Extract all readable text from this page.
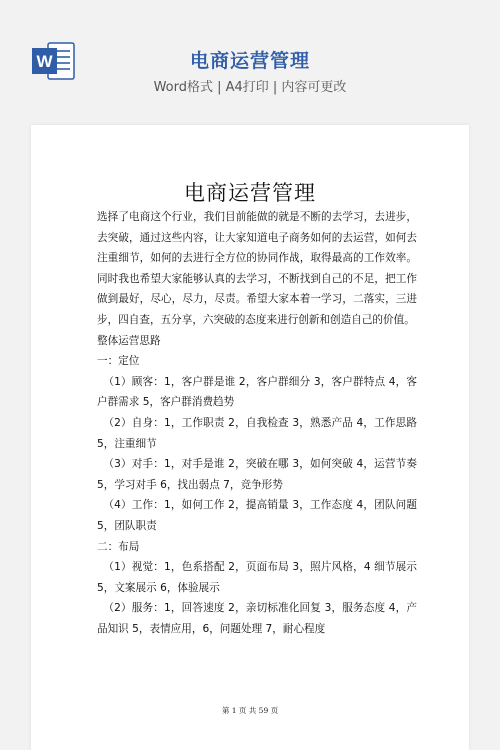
W	电商运营管理
Word格式 | A4打印 | 内容可更改
电商运营管理

选择了电商这个行业，我们目前能做的就是不断的去学习，去进步，去突破，通过这些内容，让大家知道电子商务如何的去运营，如何去注重细节，如何的去进行全方位的协同作战，取得最高的工作效率。同时我也希望大家能够认真的去学习，不断找到自己的不足，把工作做到最好，尽心，尽力，尽责。希望大家本着一学习，二落实，三进步，四自查，五分享，六突破的态度来进行创新和创造自己的价值。

整体运营思路

一：定位

（1）顾客：1，客户群是谁 2，客户群细分 3，客户群特点 4，客户群需求 5，客户群消费趋势

（2）自身：1，工作职责 2，自我检查 3，熟悉产品 4，工作思路 5，注重细节

（3）对手：1，对手是谁 2，突破在哪 3，如何突破 4，运营节奏 5，学习对手 6，找出弱点 7，竞争形势

（4）工作：1，如何工作 2，提高销量 3，工作态度 4，团队问题 5，团队职责

二：布局

（1）视觉：1，色系搭配 2，页面布局 3，照片风格，4 细节展示 5，文案展示 6，体验展示

（2）服务：1，回答速度 2，亲切标准化回复 3，服务态度 4，产品知识 5，表情应用，6，问题处理 7，耐心程度

第 1 页 共 59 页
